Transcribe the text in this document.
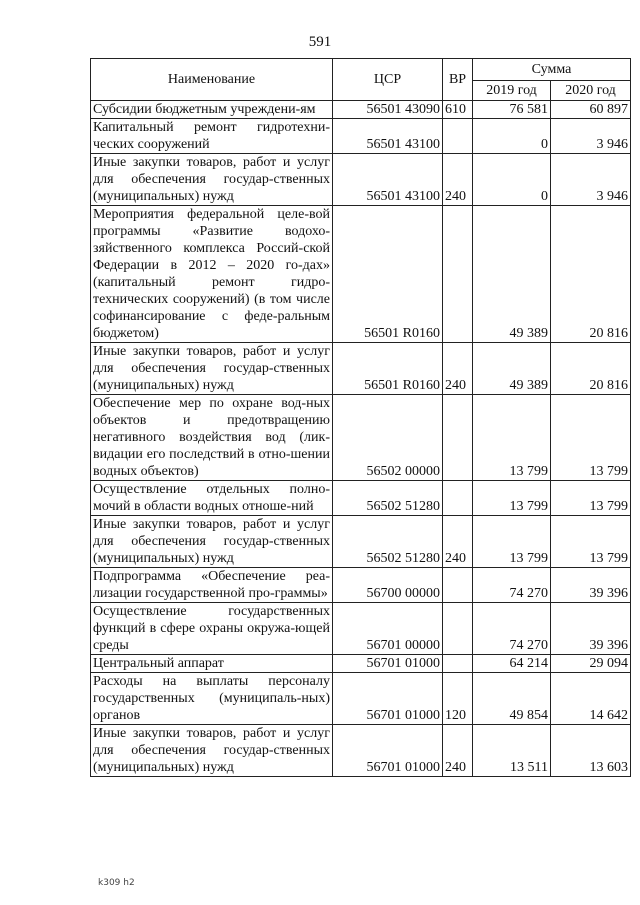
591
Наименование	ЦСР	ВР	Сумма	
			2019 год	2020 год
Субсидии бюджетным учреждени-ям	56501 43090	610	76 581	60 897
Капитальный ремонт гидротехни-ческих сооружений	56501 43100		0	3 946
Иные закупки товаров, работ и услуг для обеспечения государ-ственных (муниципальных) нужд	56501 43100	240	0	3 946
Мероприятия федеральной целе-вой программы «Развитие водохо-зяйственного комплекса Россий-ской Федерации в 2012 – 2020 го-дах» (капитальный ремонт гидро-технических сооружений) (в том числе софинансирование с феде-ральным бюджетом)	56501 R0160		49 389	20 816
Иные закупки товаров, работ и услуг для обеспечения государ-ственных (муниципальных) нужд	56501 R0160	240	49 389	20 816
Обеспечение мер по охране вод-ных объектов и предотвращению негативного воздействия вод (лик-видации его последствий в отно-шении водных объектов)	56502 00000		13 799	13 799
Осуществление отдельных полно-мочий в области водных отноше-ний	56502 51280		13 799	13 799
Иные закупки товаров, работ и услуг для обеспечения государ-ственных (муниципальных) нужд	56502 51280	240	13 799	13 799
Подпрограмма «Обеспечение реа-лизации государственной про-граммы»	56700 00000		74 270	39 396
Осуществление государственных функций в сфере охраны окружа-ющей среды	56701 00000		74 270	39 396
Центральный аппарат	56701 01000		64 214	29 094
Расходы на выплаты персоналу государственных (муниципаль-ных) органов	56701 01000	120	49 854	14 642
Иные закупки товаров, работ и услуг для обеспечения государ-ственных (муниципальных) нужд	56701 01000	240	13 511	13 603
k309 h2
